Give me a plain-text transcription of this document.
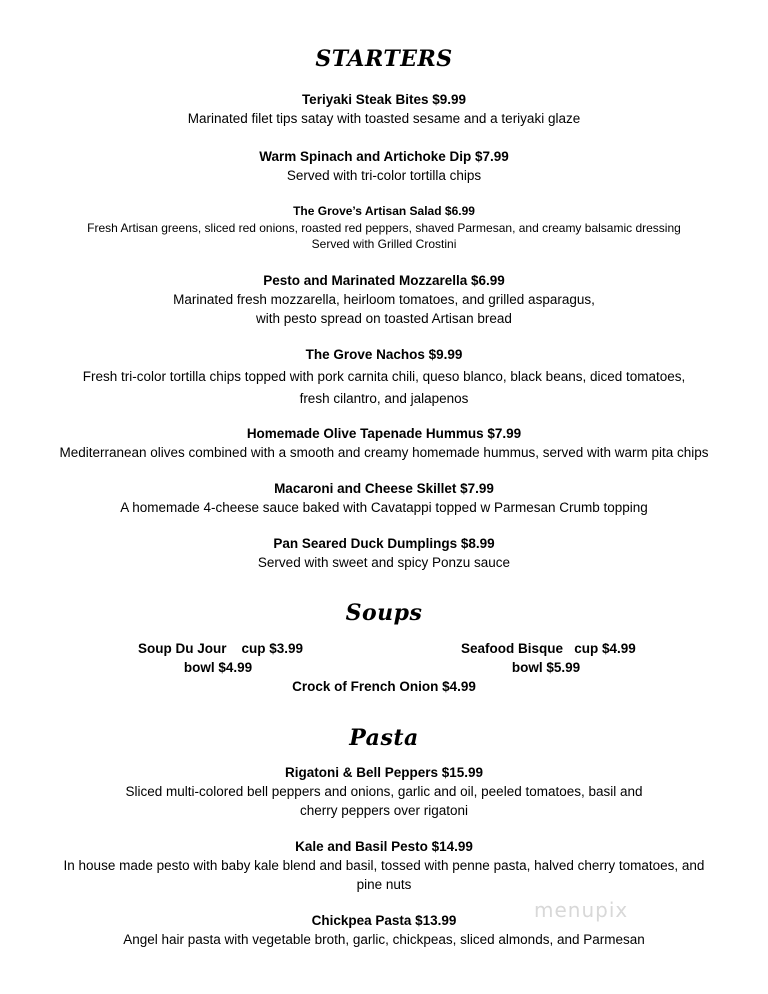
STARTERS
Teriyaki Steak Bites $9.99
Marinated filet tips satay with toasted sesame and a teriyaki glaze
Warm Spinach and Artichoke Dip $7.99
Served with tri-color tortilla chips
The Grove’s Artisan Salad $6.99
Fresh Artisan greens, sliced red onions, roasted red peppers, shaved Parmesan, and creamy balsamic dressing
Served with Grilled Crostini
Pesto and Marinated Mozzarella $6.99
Marinated fresh mozzarella, heirloom tomatoes, and grilled asparagus,
with pesto spread on toasted Artisan bread
The Grove Nachos $9.99
Fresh tri-color tortilla chips topped with pork carnita chili, queso blanco, black beans, diced tomatoes,
fresh cilantro, and jalapenos
Homemade Olive Tapenade Hummus $7.99
Mediterranean olives combined with a smooth and creamy homemade hummus, served with warm pita chips
Macaroni and Cheese Skillet $7.99
A homemade 4-cheese sauce baked with Cavatappi topped w Parmesan Crumb topping
Pan Seared Duck Dumplings $8.99
Served with sweet and spicy Ponzu sauce
Soups
Soup Du Jour    cup $3.99
bowl $4.99
Seafood Bisque   cup $4.99
bowl $5.99
Crock of French Onion $4.99
Pasta
Rigatoni & Bell Peppers $15.99
Sliced multi-colored bell peppers and onions, garlic and oil, peeled tomatoes, basil and
cherry peppers over rigatoni
Kale and Basil Pesto $14.99
In house made pesto with baby kale blend and basil, tossed with penne pasta, halved cherry tomatoes, and
pine nuts
Chickpea Pasta $13.99
Angel hair pasta with vegetable broth, garlic, chickpeas, sliced almonds, and Parmesan
menupix
